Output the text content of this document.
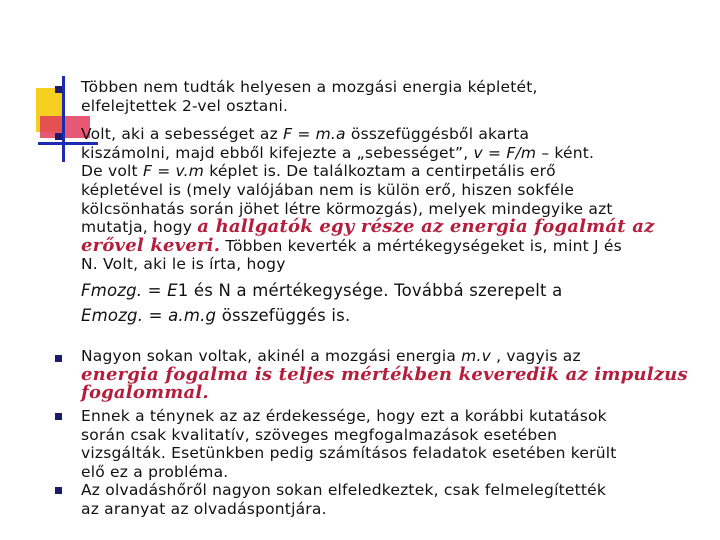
Többen nem tudták helyesen a mozgási energia képletét,
elfelejtettek 2-vel osztani.
Volt, aki a sebességet az F = m.a összefüggésből akarta
kiszámolni, majd ebből kifejezte a „sebességet”, v = F/m – ként.
De volt F = v.m képlet is. De találkoztam a centirpetális erő
képletével is (mely valójában nem is külön erő, hiszen sokféle
kölcsönhatás során jöhet létre körmozgás), melyek mindegyike azt
mutatja, hogy a hallgatók egy része az energia fogalmát az
erővel keveri. Többen keverték a mértékegységeket is, mint J és
N. Volt, aki le is írta, hogy
Fmozg. = E1 és N a mértékegysége. Továbbá szerepelt a
Emozg. = a.m.g összefüggés is.
Nagyon sokan voltak, akinél a mozgási energia m.v , vagyis az
energia fogalma is teljes mértékben keveredik az impulzus
fogalommal.
Ennek a ténynek az az érdekessége, hogy ezt a korábbi kutatások
során csak kvalitatív, szöveges megfogalmazások esetében
vizsgálták. Esetünkben pedig számításos feladatok esetében került
elő ez a probléma.
Az olvadáshőről nagyon sokan elfeledkeztek, csak felmelegítették
az aranyat az olvadáspontjára.
